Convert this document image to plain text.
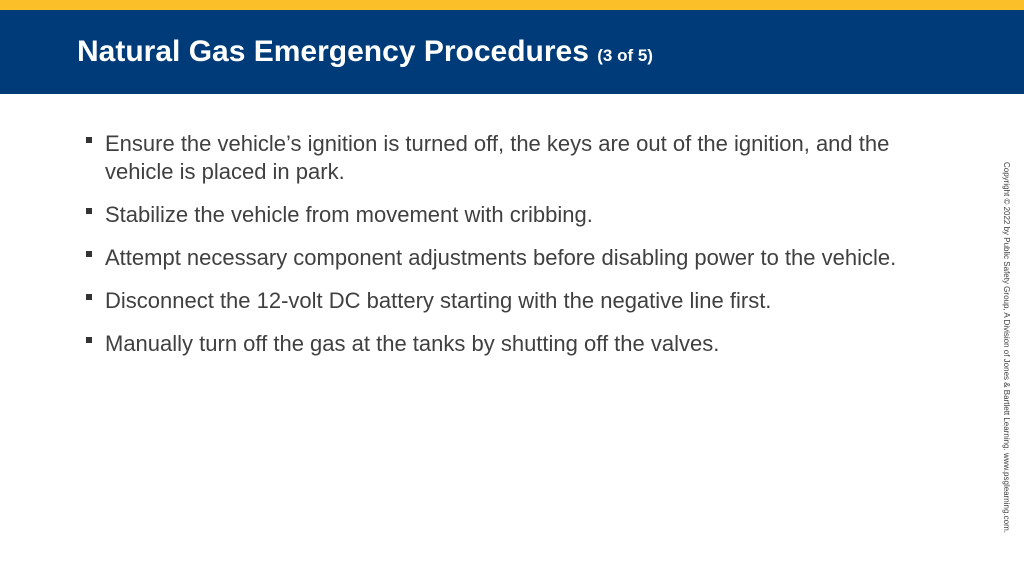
Natural Gas Emergency Procedures (3 of 5)
Ensure the vehicle’s ignition is turned off, the keys are out of the ignition, and the vehicle is placed in park.
Stabilize the vehicle from movement with cribbing.
Attempt necessary component adjustments before disabling power to the vehicle.
Disconnect the 12-volt DC battery starting with the negative line first.
Manually turn off the gas at the tanks by shutting off the valves.	Copyright © 2022 by Public Safety Group, A Division of Jones & Bartlett Learning. www.psglearning.com.
